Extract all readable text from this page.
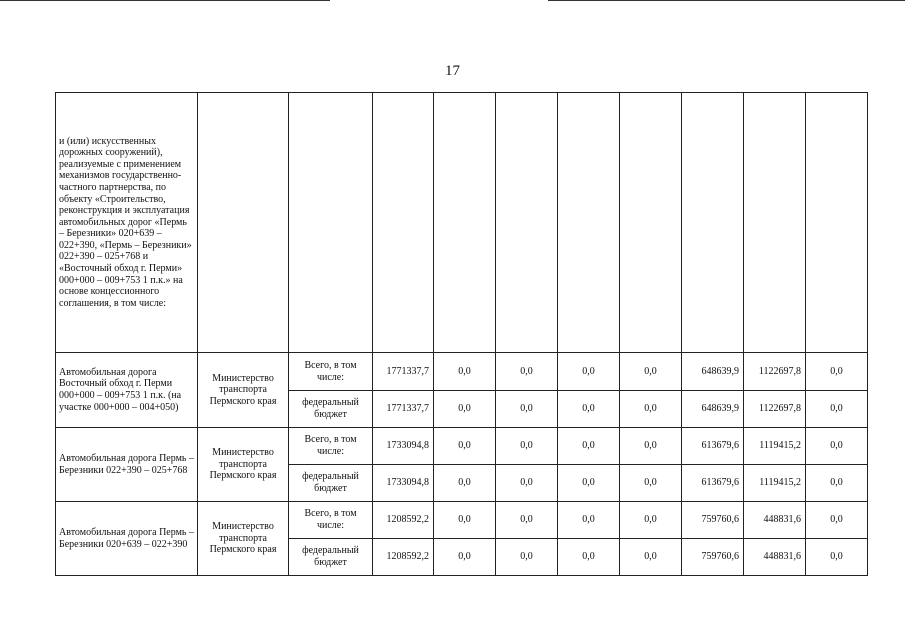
17
и (или) искусственных дорожных сооружений), реализуемые с применением механизмов государственно-частного партнерства, по объекту «Строительство, реконструкция и эксплуатация автомобильных дорог «Пермь – Березники» 020+639 – 022+390, «Пермь – Березники» 022+390 – 025+768 и «Восточный обход г. Перми» 000+000 – 009+753 1 п.к.» на основе концессионного соглашения, в том числе:										
Автомобильная дорога Восточный обход г. Перми 000+000 – 009+753 1 п.к. (на участке 000+000 – 004+050)	Министерство транспорта Пермского края	Всего, в том числе:	1771337,7	0,0	0,0	0,0	0,0	648639,9	1122697,8	0,0
		федеральный бюджет	1771337,7	0,0	0,0	0,0	0,0	648639,9	1122697,8	0,0
Автомобильная дорога Пермь – Березники 022+390 – 025+768	Министерство транспорта Пермского края	Всего, в том числе:	1733094,8	0,0	0,0	0,0	0,0	613679,6	1119415,2	0,0
		федеральный бюджет	1733094,8	0,0	0,0	0,0	0,0	613679,6	1119415,2	0,0
Автомобильная дорога Пермь – Березники 020+639 – 022+390	Министерство транспорта Пермского края	Всего, в том числе:	1208592,2	0,0	0,0	0,0	0,0	759760,6	448831,6	0,0
		федеральный бюджет	1208592,2	0,0	0,0	0,0	0,0	759760,6	448831,6	0,0
